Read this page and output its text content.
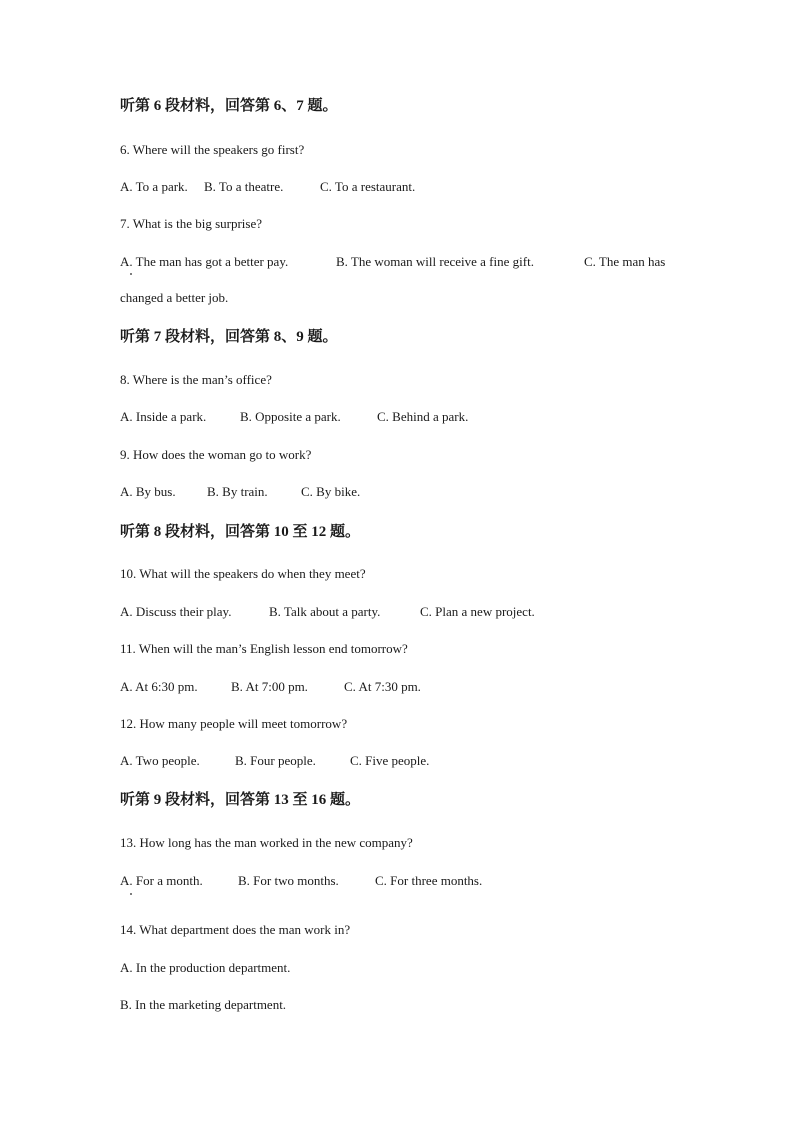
听第 6 段材料，回答第 6、7 题。
6. Where will the speakers go first?
A. To a park. B. To a theatre.	C. To a restaurant.
7. What is the big surprise?
A. The man has got a better pay.	B. The woman will receive a fine gift.	C. The man has
changed a better job.
听第 7 段材料，回答第 8、9 题。
8. Where is the man’s office?
A. Inside a park.	B. Opposite a park.	C. Behind a park.
9. How does the woman go to work?
A. By bus. B. By train.	C. By bike.
听第 8 段材料，回答第 10 至 12 题。
10. What will the speakers do when they meet?
A. Discuss their play.	B. Talk about a party.	C. Plan a new project.
11. When will the man’s English lesson end tomorrow?
A. At 6:30 pm.	B. At 7:00 pm.	C. At 7:30 pm.
12. How many people will meet tomorrow?
A. Two people.	B. Four people.	C. Five people.
听第 9 段材料，回答第 13 至 16 题。
13. How long has the man worked in the new company?
A. For a month.	B. For two months.	C. For three months.
14. What department does the man work in?
A. In the production department.
B. In the marketing department.
